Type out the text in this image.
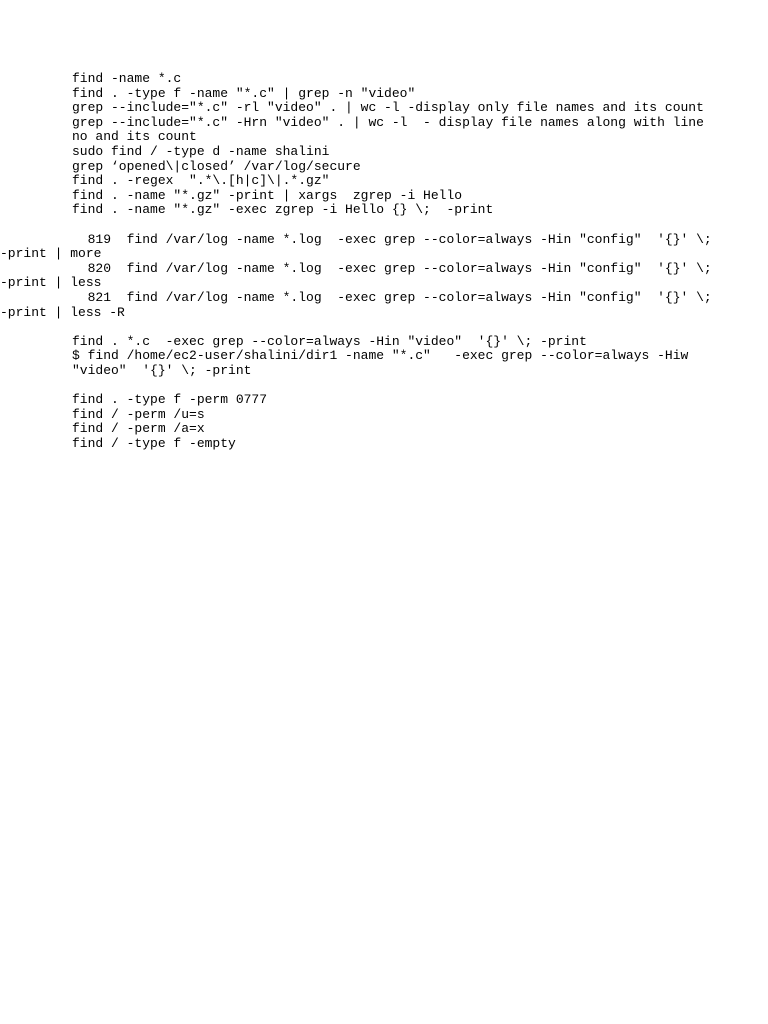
find -name *.c
find . -type f -name "*.c" | grep -n "video"
grep --include="*.c" -rl "video" . | wc -l -display only file names and its count
grep --include="*.c" -Hrn "video" . | wc -l  - display file names along with line
no and its count
sudo find / -type d -name shalini
grep ‘opened\|closed’ /var/log/secure
find . -regex  ".*\.[h|c]\|.*.gz"
find . -name "*.gz" -print | xargs  zgrep -i Hello
find . -name "*.gz" -exec zgrep -i Hello {} \;  -print
819  find /var/log -name *.log  -exec grep --color=always -Hin "config"  '{}' \;
-print | more
820  find /var/log -name *.log  -exec grep --color=always -Hin "config"  '{}' \;
-print | less
821  find /var/log -name *.log  -exec grep --color=always -Hin "config"  '{}' \;
-print | less -R
find . *.c  -exec grep --color=always -Hin "video"  '{}' \; -print
$ find /home/ec2-user/shalini/dir1 -name "*.c"   -exec grep --color=always -Hiw
"video"  '{}' \; -print
find . -type f -perm 0777
find / -perm /u=s
find / -perm /a=x
find / -type f -empty
